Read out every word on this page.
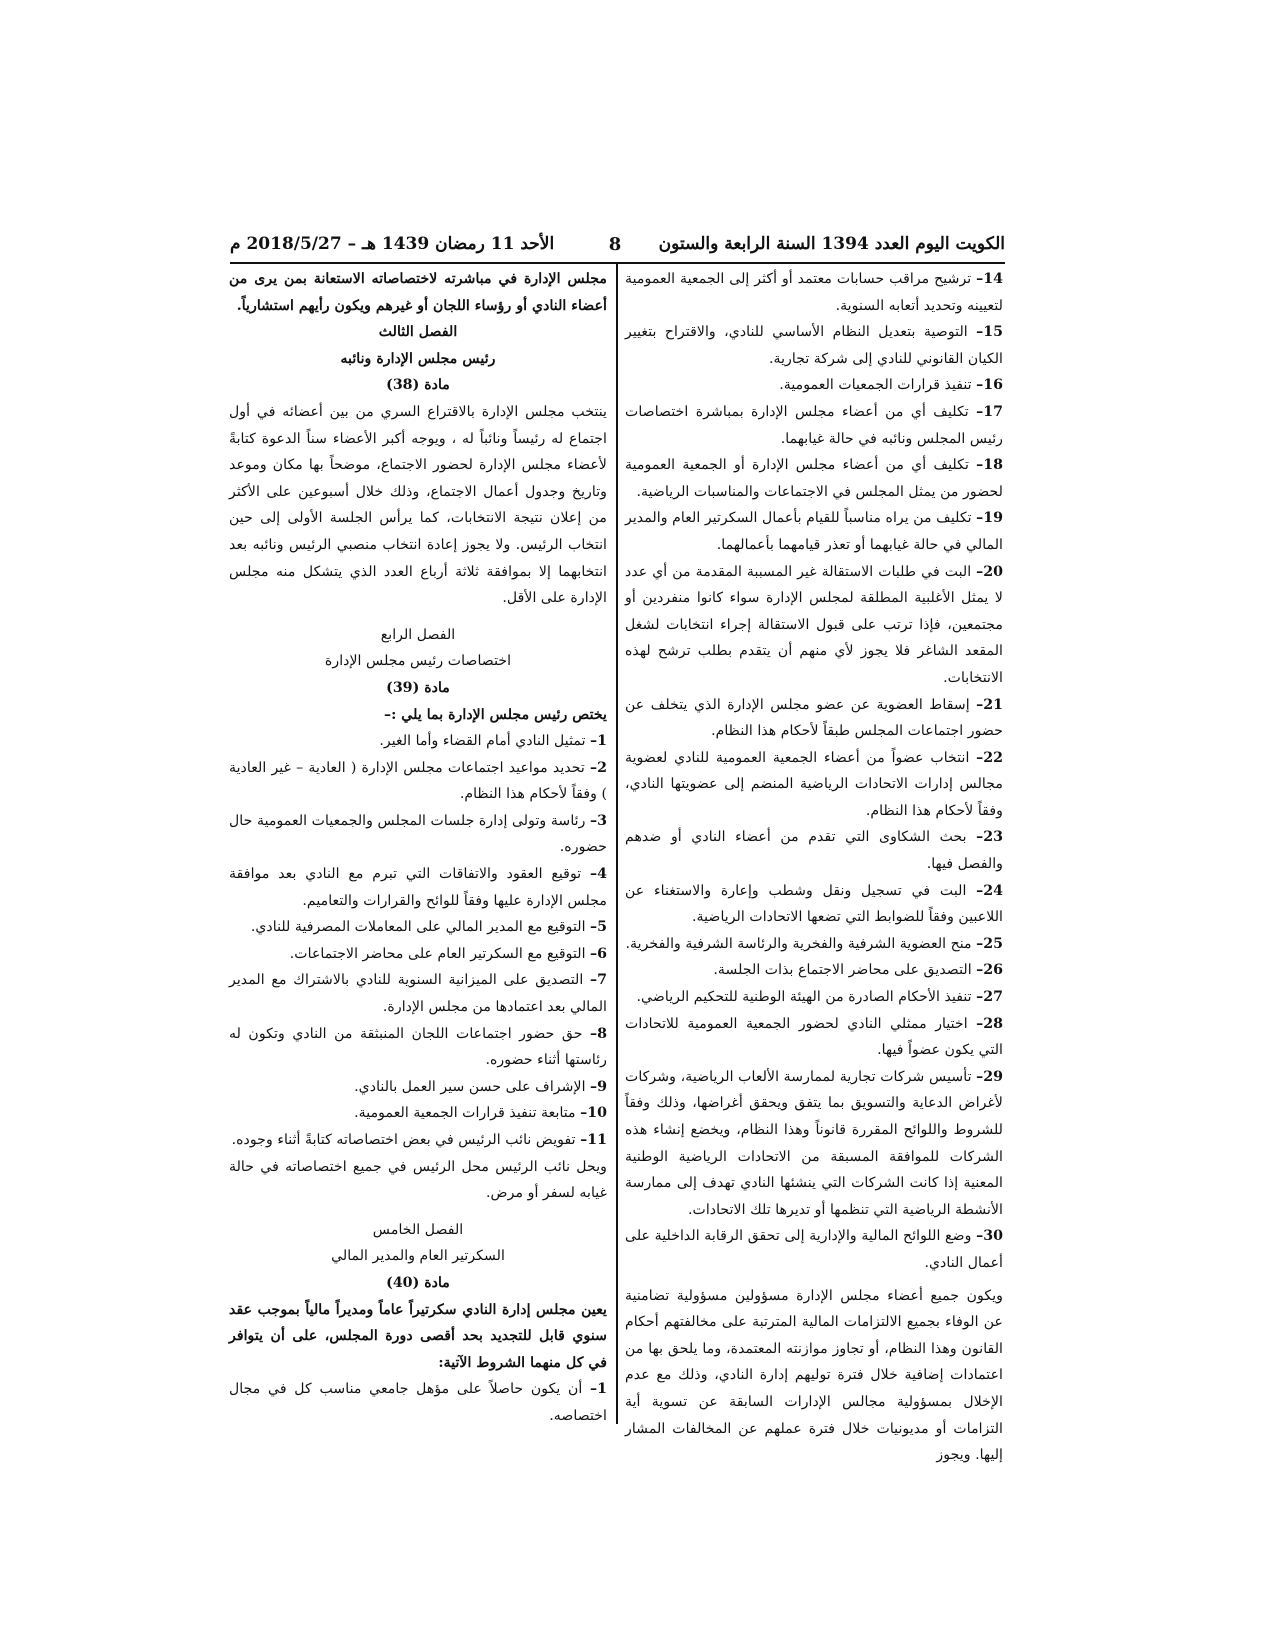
الكويت اليوم العدد 1394 السنة الرابعة والستون
8
الأحد 11 رمضان 1439 هـ – 2018/5/27 م

14– ترشيح مراقب حسابات معتمد أو أكثر إلى الجمعية العمومية لتعيينه وتحديد أتعابه السنوية.

15– التوصية بتعديل النظام الأساسي للنادي، والاقتراح بتغيير الكيان القانوني للنادي إلى شركة تجارية.

16– تنفيذ قرارات الجمعيات العمومية.

17– تكليف أي من أعضاء مجلس الإدارة بمباشرة اختصاصات رئيس المجلس ونائبه في حالة غيابهما.

18– تكليف أي من أعضاء مجلس الإدارة أو الجمعية العمومية لحضور من يمثل المجلس في الاجتماعات والمناسبات الرياضية.

19– تكليف من يراه مناسباً للقيام بأعمال السكرتير العام والمدير المالي في حالة غيابهما أو تعذر قيامهما بأعمالهما.

20– البت في طلبات الاستقالة غير المسببة المقدمة من أي عدد لا يمثل الأغلبية المطلقة لمجلس الإدارة سواء كانوا منفردين أو مجتمعين، فإذا ترتب على قبول الاستقالة إجراء انتخابات لشغل المقعد الشاغر فلا يجوز لأي منهم أن يتقدم بطلب ترشح لهذه الانتخابات.

21– إسقاط العضوية عن عضو مجلس الإدارة الذي يتخلف عن حضور اجتماعات المجلس طبقاً لأحكام هذا النظام.

22– انتخاب عضواً من أعضاء الجمعية العمومية للنادي لعضوية مجالس إدارات الاتحادات الرياضية المنضم إلى عضويتها النادي، وفقاً لأحكام هذا النظام.

23– بحث الشكاوى التي تقدم من أعضاء النادي أو ضدهم والفصل فيها.

24– البت في تسجيل ونقل وشطب وإعارة والاستغناء عن اللاعبين وفقاً للضوابط التي تضعها الاتحادات الرياضية.

25– منح العضوية الشرفية والفخرية والرئاسة الشرفية والفخرية.

26– التصديق على محاضر الاجتماع بذات الجلسة.

27– تنفيذ الأحكام الصادرة من الهيئة الوطنية للتحكيم الرياضي.

28– اختيار ممثلي النادي لحضور الجمعية العمومية للاتحادات التي يكون عضواً فيها.

29– تأسيس شركات تجارية لممارسة الألعاب الرياضية، وشركات لأغراض الدعاية والتسويق بما يتفق ويحقق أغراضها، وذلك وفقاً للشروط واللوائح المقررة قانوناً وهذا النظام، ويخضع إنشاء هذه الشركات للموافقة المسبقة من الاتحادات الرياضية الوطنية المعنية إذا كانت الشركات التي ينشئها النادي تهدف إلى ممارسة الأنشطة الرياضية التي تنظمها أو تديرها تلك الاتحادات.

30– وضع اللوائح المالية والإدارية إلى تحقق الرقابة الداخلية على أعمال النادي.

ويكون جميع أعضاء مجلس الإدارة مسؤولين مسؤولية تضامنية عن الوفاء بجميع الالتزامات المالية المترتبة على مخالفتهم أحكام القانون وهذا النظام، أو تجاوز موازنته المعتمدة، وما يلحق بها من اعتمادات إضافية خلال فترة توليهم إدارة النادي، وذلك مع عدم الإخلال بمسؤولية مجالس الإدارات السابقة عن تسوية أية التزامات أو مديونيات خلال فترة عملهم عن المخالفات المشار إليها. ويجوز

مجلس الإدارة في مباشرته لاختصاصاته الاستعانة بمن يرى من أعضاء النادي أو رؤساء اللجان أو غيرهم ويكون رأيهم استشارياً.

الفصل الثالث

رئيس مجلس الإدارة ونائبه

مادة (38)

ينتخب مجلس الإدارة بالاقتراع السري من بين أعضائه في أول اجتماع له رئيساً ونائباً له ، ويوجه أكبر الأعضاء سناً الدعوة كتابةً لأعضاء مجلس الإدارة لحضور الاجتماع، موضحاً بها مكان وموعد وتاريخ وجدول أعمال الاجتماع، وذلك خلال أسبوعين على الأكثر من إعلان نتيجة الانتخابات، كما يرأس الجلسة الأولى إلى حين انتخاب الرئيس. ولا يجوز إعادة انتخاب منصبي الرئيس ونائبه بعد انتخابهما إلا بموافقة ثلاثة أرباع العدد الذي يتشكل منه مجلس الإدارة على الأقل.

الفصل الرابع

اختصاصات رئيس مجلس الإدارة

مادة (39)

يختص رئيس مجلس الإدارة بما يلي :–

1– تمثيل النادي أمام القضاء وأما الغير.

2– تحديد مواعيد اجتماعات مجلس الإدارة ( العادية – غير العادية ) وفقاً لأحكام هذا النظام.

3– رئاسة وتولى إدارة جلسات المجلس والجمعيات العمومية حال حضوره.

4– توقيع العقود والاتفاقات التي تبرم مع النادي بعد موافقة مجلس الإدارة عليها وفقاً للوائح والقرارات والتعاميم.

5– التوقيع مع المدير المالي على المعاملات المصرفية للنادي.

6– التوقيع مع السكرتير العام على محاضر الاجتماعات.

7– التصديق على الميزانية السنوية للنادي بالاشتراك مع المدير المالي بعد اعتمادها من مجلس الإدارة.

8– حق حضور اجتماعات اللجان المنبثقة من النادي وتكون له رئاستها أثناء حضوره.

9– الإشراف على حسن سير العمل بالنادي.

10– متابعة تنفيذ قرارات الجمعية العمومية.

11– تفويض نائب الرئيس في بعض اختصاصاته كتابةً أثناء وجوده.

ويحل نائب الرئيس محل الرئيس في جميع اختصاصاته في حالة غيابه لسفر أو مرض.

الفصل الخامس

السكرتير العام والمدير المالي

مادة (40)

يعين مجلس إدارة النادي سكرتيراً عاماً ومديراً مالياً بموجب عقد سنوي قابل للتجديد بحد أقصى دورة المجلس، على أن يتوافر في كل منهما الشروط الآتية:

1– أن يكون حاصلاً على مؤهل جامعي مناسب كل في مجال اختصاصه.
